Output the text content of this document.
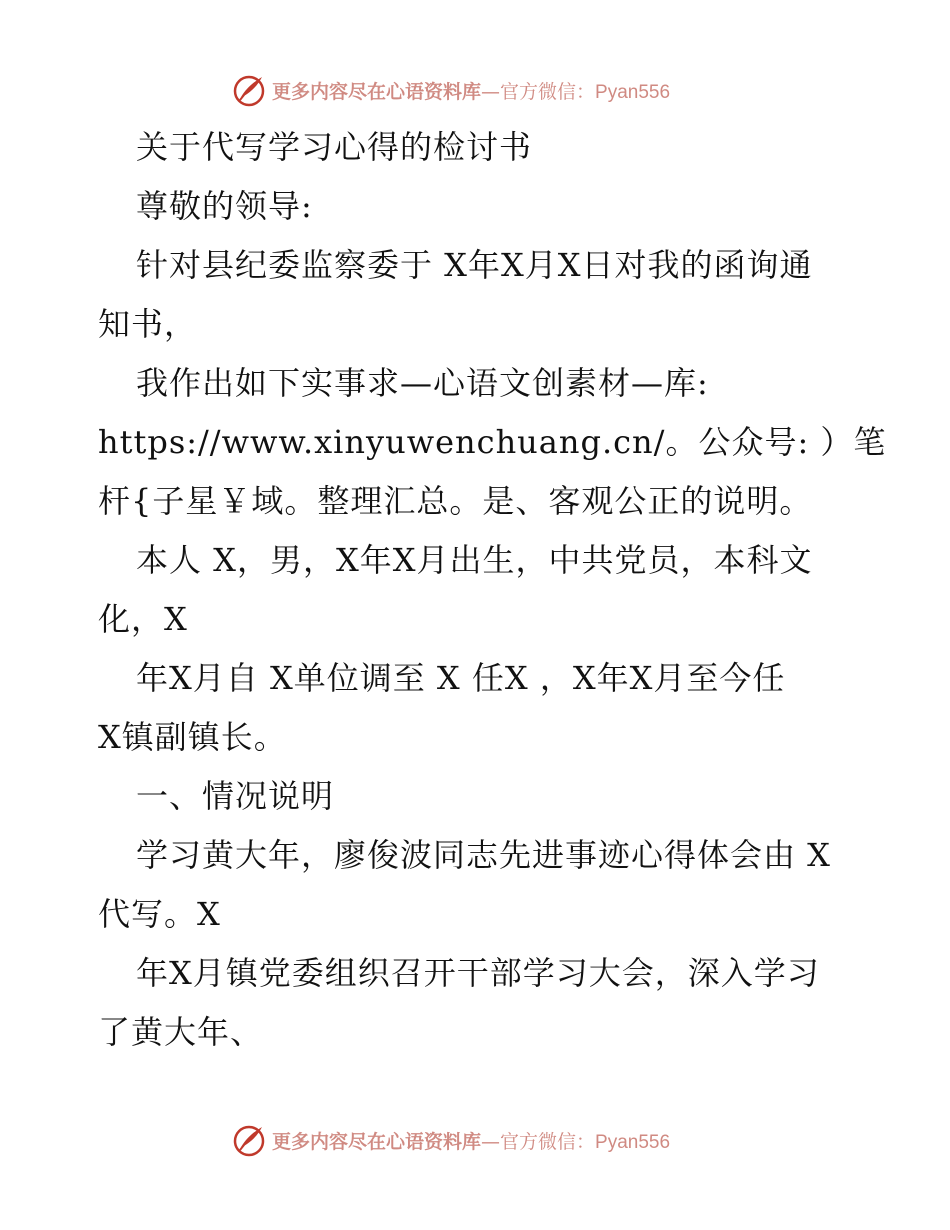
更多内容尽在心语资料库—官方微信：Pyan556
关于代写学习心得的检讨书
尊敬的领导:
针对县纪委监察委于 X年X月X日对我的函询通
知书，
我作出如下实事求—心语文创素材—库:
https://www.xinyuwenchuang.cn/。公众号: ）笔
杆{子星￥域。整理汇总。是、客观公正的说明。
本人 X，男，X年X月出生，中共党员，本科文
化，X
年X月自 X单位调至 X 任X ，X年X月至今任
X镇副镇长。
一、情况说明
学习黄大年，廖俊波同志先进事迹心得体会由 X
代写。X
年X月镇党委组织召开干部学习大会，深入学习
了黄大年、
更多内容尽在心语资料库—官方微信：Pyan556
